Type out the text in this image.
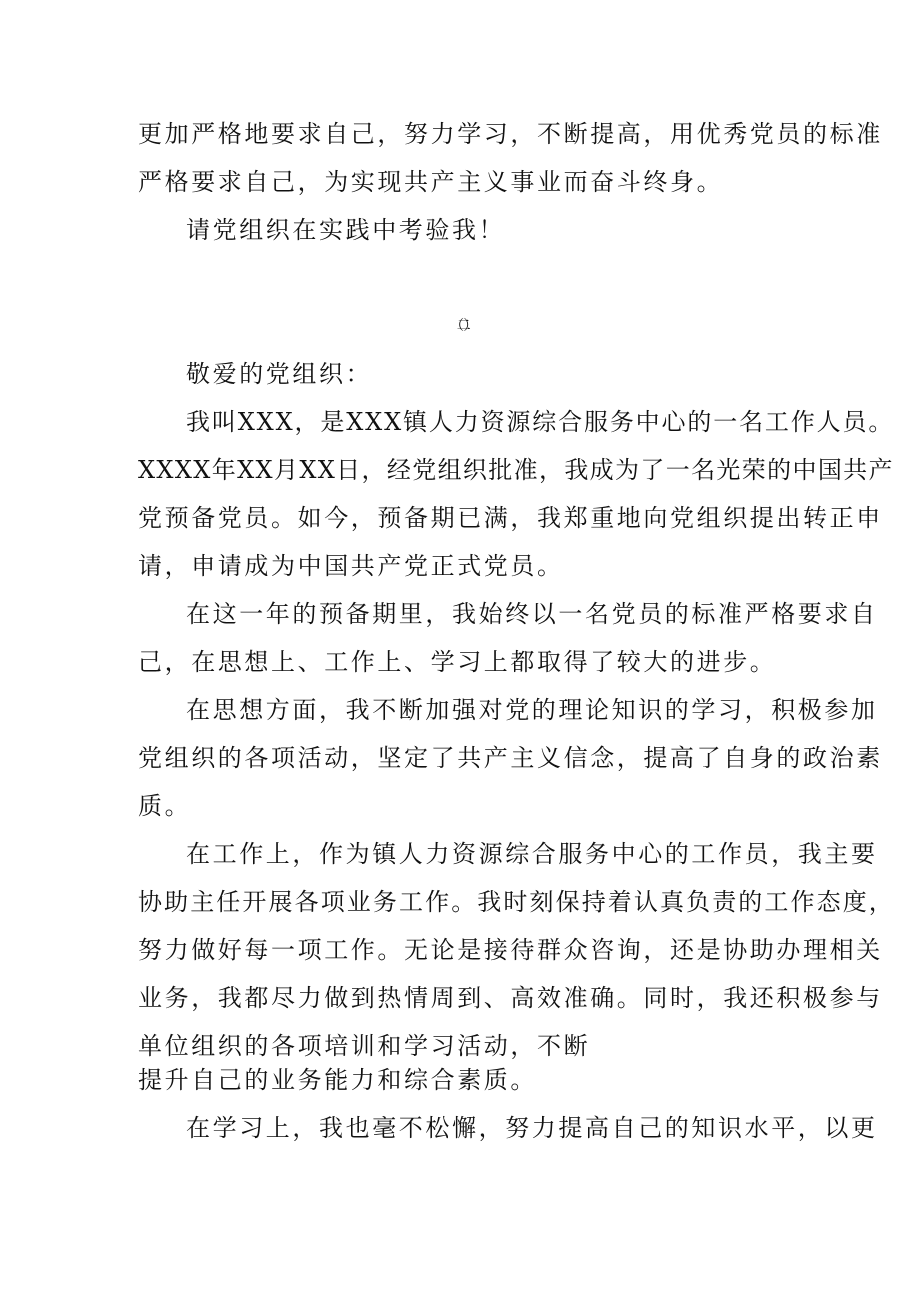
更加严格地要求自己，努力学习，不断提高，用优秀党员的标准
严格要求自己，为实现共产主义事业而奋斗终身。
请党组织在实践中考验我！
（二）
敬爱的党组织：
我叫XXX，是XXX镇人力资源综合服务中心的一名工作人员。
XXXX年XX月XX日，经党组织批准，我成为了一名光荣的中国共产
党预备党员。如今，预备期已满，我郑重地向党组织提出转正申
请，申请成为中国共产党正式党员。
在这一年的预备期里，我始终以一名党员的标准严格要求自
己，在思想上、工作上、学习上都取得了较大的进步。
在思想方面，我不断加强对党的理论知识的学习，积极参加
党组织的各项活动，坚定了共产主义信念，提高了自身的政治素
质。
在工作上，作为镇人力资源综合服务中心的工作员，我主要
协助主任开展各项业务工作。我时刻保持着认真负责的工作态度，
努力做好每一项工作。无论是接待群众咨询，还是协助办理相关
业务，我都尽力做到热情周到、高效准确。同时，我还积极参与
单位组织的各项培训和学习活动，不断
提升自己的业务能力和综合素质。
在学习上，我也毫不松懈，努力提高自己的知识水平，以更
